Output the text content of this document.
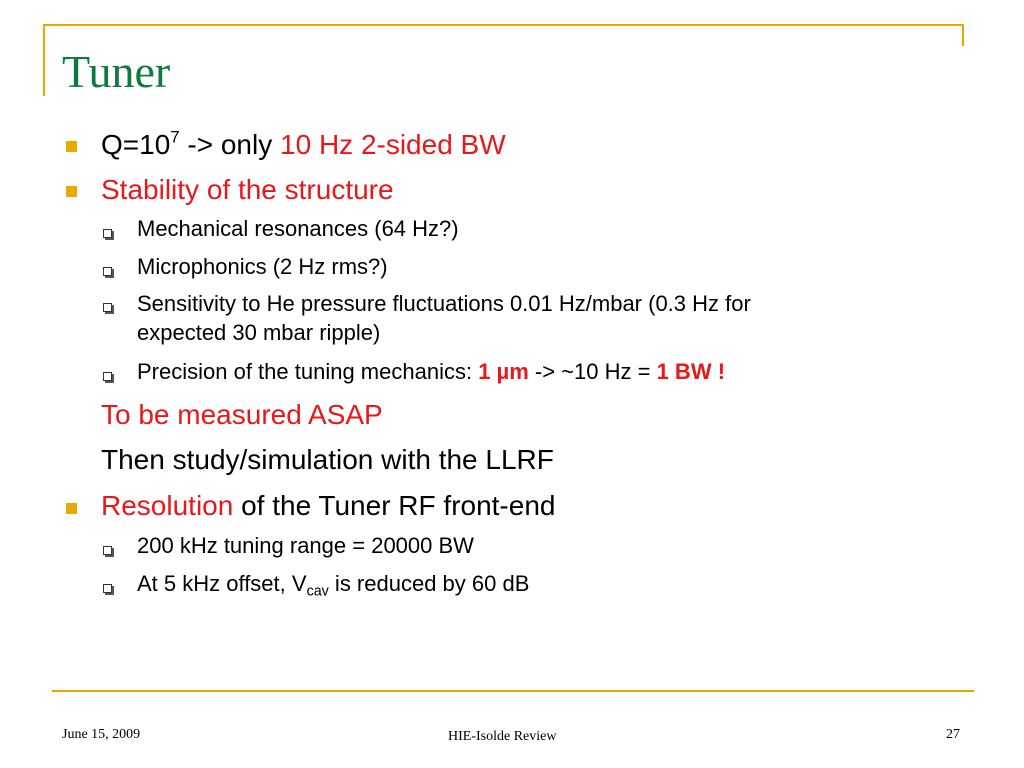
Tuner
$Q=10^7$ -> only 10 Hz 2-sided BW
Stability of the structure
Mechanical resonances (64 Hz?)
Microphonics (2 Hz rms?)
Sensitivity to He pressure fluctuations 0.01 Hz/mbar (0.3 Hz for
expected 30 mbar ripple)
Precision of the tuning mechanics: 1 µm -> ~10 Hz = 1 BW !
To be measured ASAP
Then study/simulation with the LLRF
Resolution of the Tuner RF front-end
200 kHz tuning range = 20000 BW
At 5 kHz offset, $V_{cav}$ is reduced by 60 dB
June 15, 2009	HIE-Isolde Review	27
